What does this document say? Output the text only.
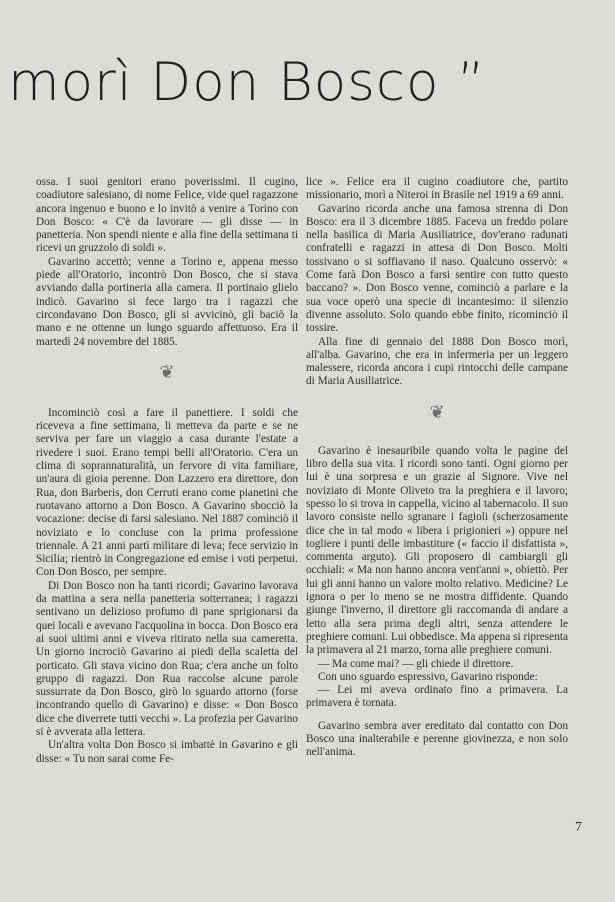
morì Don Bosco ”

ossa. I suoi genitori erano poverissimi. Il cugino, coadiutore salesiano, di nome Felice, vide quel ragazzone ancora ingenuo e buono e lo invitò a venire a Torino con Don Bosco: « C'è da lavorare — gli disse — in panetteria. Non spendi niente e alla fine della settimana ti ricevi un gruzzolo di soldi ».

Gavarino accettò; venne a Torino e, appena messo piede all'Oratorio, incontrò Don Bosco, che si stava avviando dalla portineria alla camera. Il portinaio glielo indicò. Gavarino si fece largo tra i ragazzi che circondavano Don Bosco, gli si avvicinò, gli baciò la mano e ne ottenne un lungo sguardo affettuoso. Era il martedì 24 novembre del 1885.

❦

Incominciò così a fare il panettiere. I soldi che riceveva a fine settimana, li metteva da parte e se ne serviva per fare un viaggio a casa durante l'estate a rivedere i suoi. Erano tempi belli all'Oratorio. C'era un clima di soprannaturalità, un fervore di vita familiare, un'aura di gioia perenne. Don Lazzero era direttore, don Rua, don Barberis, don Cerruti erano come pianetini che ruotavano attorno a Don Bosco. A Gavarino sbocciò la vocazione: decise di farsi salesiano. Nel 1887 cominciò il noviziato e lo concluse con la prima professione triennale. A 21 anni partì militare di leva; fece servizio in Sicilia; rientrò in Congregazione ed emise i voti perpetui. Con Don Bosco, per sempre.

Di Don Bosco non ha tanti ricordi; Gavarino lavorava da mattina a sera nella panetteria sotterranea; i ragazzi sentivano un delizioso profumo di pane sprigionarsi da quei locali e avevano l'acquolina in bocca. Don Bosco era ai suoi ultimi anni e viveva ritirato nella sua cameretta. Un giorno incrociò Gavarino ai piedi della scaletta del porticato. Gli stava vicino don Rua; c'era anche un folto gruppo di ragazzi. Don Rua raccolse alcune parole sussurrate da Don Bosco, girò lo sguardo attorno (forse incontrando quello di Gavarino) e disse: « Don Bosco dice che diverrete tutti vecchi ». La profezia per Gavarino si è avverata alla lettera.

Un'altra volta Don Bosco si imbattè in Gavarino e gli disse: « Tu non sarai come Fe-

lice ». Felice era il cugino coadiutore che, partito missionario, morì a Niteroi in Brasile nel 1919 a 69 anni.

Gavarino ricorda anche una famosa strenna di Don Bosco: era il 3 dicembre 1885. Faceva un freddo polare nella basilica di Maria Ausiliatrice, dov'erano radunati confratelli e ragazzi in attesa di Don Bosco. Molti tossivano o si soffiavano il naso. Qualcuno osservò: « Come farà Don Bosco a farsi sentire con tutto questo baccano? ». Don Bosco venne, cominciò a parlare e la sua voce operò una specie di incantesimo: il silenzio divenne assoluto. Solo quando ebbe finito, ricominciò il tossire.

Alla fine di gennaio del 1888 Don Bosco morì, all'alba. Gavarino, che era in infermeria per un leggero malessere, ricorda ancora i cupi rintocchi delle campane di Maria Ausiliatrice.

❦

Gavarino è inesauribile quando volta le pagine del libro della sua vita. I ricordi sono tanti. Ogni giorno per lui è una sorpresa e un grazie al Signore. Vive nel noviziato di Monte Oliveto tra la preghiera e il lavoro; spesso lo si trova in cappella, vicino al tabernacolo. Il suo lavoro consiste nello sgranare i fagioli (scherzosamente dice che in tal modo « libera i prigionieri ») oppure nel togliere i punti delle imbastiture (« faccio il disfattista », commenta arguto). Gli proposero di cambiargli gli occhiali: « Ma non hanno ancora vent'anni », obiettò. Per lui gli anni hanno un valore molto relativo. Medicine? Le ignora o per lo meno se ne mostra diffidente. Quando giunge l'inverno, il direttore gli raccomanda di andare a letto alla sera prima degli altri, senza attendere le preghiere comuni. Lui obbedisce. Ma appena si ripresenta la primavera al 21 marzo, torna alle preghiere comuni.

— Ma come mai? — gli chiede il direttore.

Con uno sguardo espressivo, Gavarino risponde:

— Lei mi aveva ordinato fino a primavera. La primavera è tornata.

Gavarino sembra aver ereditato dal contatto con Don Bosco una inalterabile e perenne giovinezza, e non solo nell'anima.

7
